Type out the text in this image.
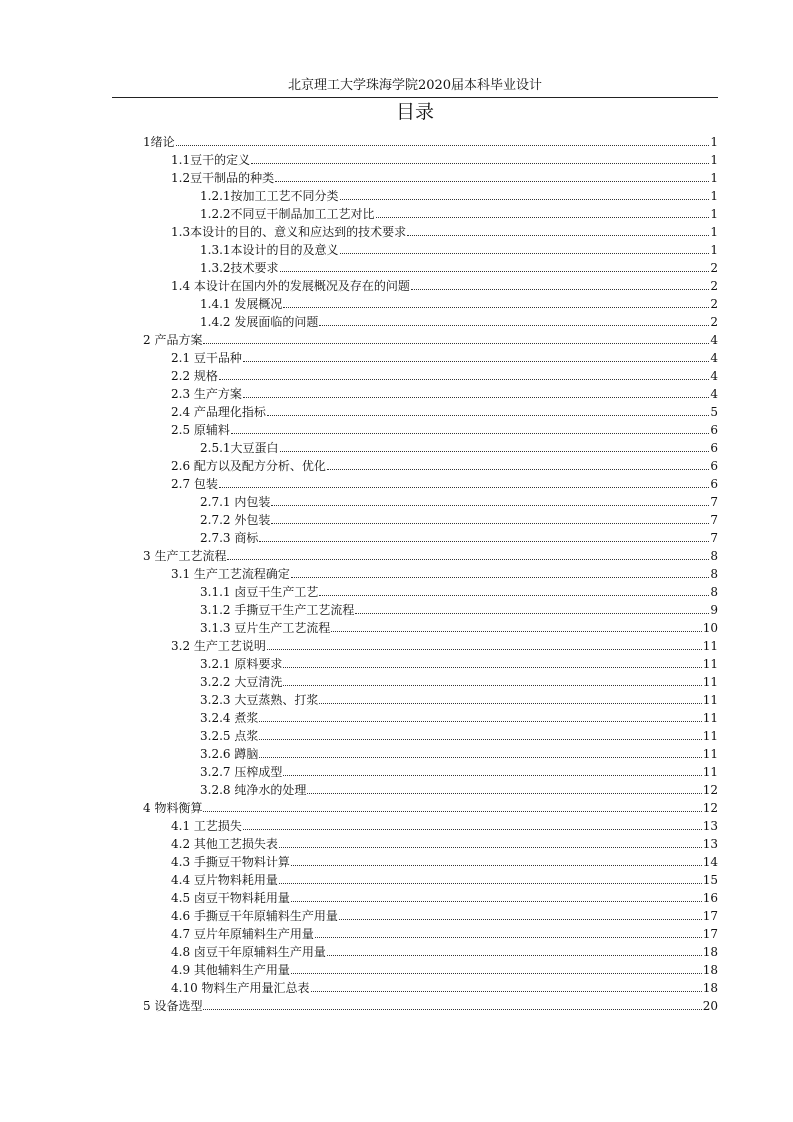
北京理工大学珠海学院2020届本科毕业设计
目录
1绪论	1
1.1豆干的定义	1
1.2豆干制品的种类	1
1.2.1按加工工艺不同分类	1
1.2.2不同豆干制品加工工艺对比	1
1.3本设计的目的、意义和应达到的技术要求	1
1.3.1本设计的目的及意义	1
1.3.2技术要求	2
1.4 本设计在国内外的发展概况及存在的问题	2
1.4.1 发展概况	2
1.4.2 发展面临的问题	2
2 产品方案	4
2.1 豆干品种	4
2.2 规格	4
2.3 生产方案	4
2.4 产品理化指标	5
2.5 原辅料	6
2.5.1大豆蛋白	6
2.6 配方以及配方分析、优化	6
2.7 包装	6
2.7.1 内包装	7
2.7.2 外包装	7
2.7.3 商标	7
3 生产工艺流程	8
3.1 生产工艺流程确定	8
3.1.1 卤豆干生产工艺	8
3.1.2 手撕豆干生产工艺流程	9
3.1.3 豆片生产工艺流程	10
3.2 生产工艺说明	11
3.2.1 原料要求	11
3.2.2 大豆清洗	11
3.2.3 大豆蒸熟、打浆	11
3.2.4 煮浆	11
3.2.5 点浆	11
3.2.6 蹲脑	11
3.2.7 压榨成型	11
3.2.8 纯净水的处理	12
4 物料衡算	12
4.1 工艺损失	13
4.2 其他工艺损失表	13
4.3 手撕豆干物料计算	14
4.4 豆片物料耗用量	15
4.5 卤豆干物料耗用量	16
4.6 手撕豆干年原辅料生产用量	17
4.7 豆片年原辅料生产用量	17
4.8 卤豆干年原辅料生产用量	18
4.9 其他辅料生产用量	18
4.10 物料生产用量汇总表	18
5 设备选型	20
